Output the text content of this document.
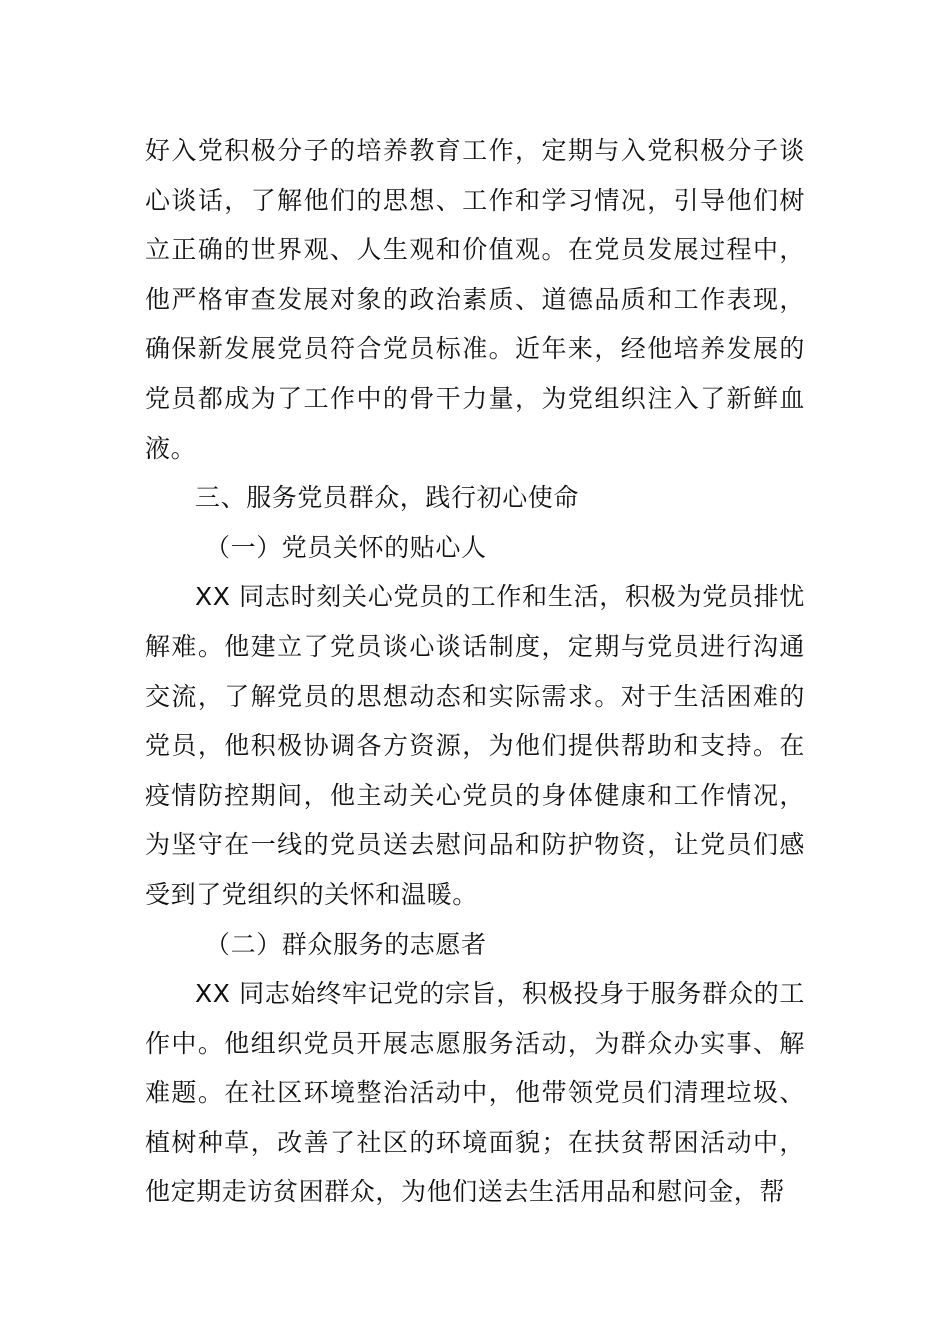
好入党积极分子的培养教育工作，定期与入党积极分子谈心谈话，了解他们的思想、工作和学习情况，引导他们树立正确的世界观、人生观和价值观。在党员发展过程中，他严格审查发展对象的政治素质、道德品质和工作表现，确保新发展党员符合党员标准。近年来，经他培养发展的党员都成为了工作中的骨干力量，为党组织注入了新鲜血液。

三、服务党员群众，践行初心使命

（一）党员关怀的贴心人

XX 同志时刻关心党员的工作和生活，积极为党员排忧解难。他建立了党员谈心谈话制度，定期与党员进行沟通交流，了解党员的思想动态和实际需求。对于生活困难的党员，他积极协调各方资源，为他们提供帮助和支持。在疫情防控期间，他主动关心党员的身体健康和工作情况，为坚守在一线的党员送去慰问品和防护物资，让党员们感受到了党组织的关怀和温暖。

（二）群众服务的志愿者

XX 同志始终牢记党的宗旨，积极投身于服务群众的工作中。他组织党员开展志愿服务活动，为群众办实事、解难题。在社区环境整治活动中，他带领党员们清理垃圾、植树种草，改善了社区的环境面貌；在扶贫帮困活动中，他定期走访贫困群众，为他们送去生活用品和慰问金，帮
